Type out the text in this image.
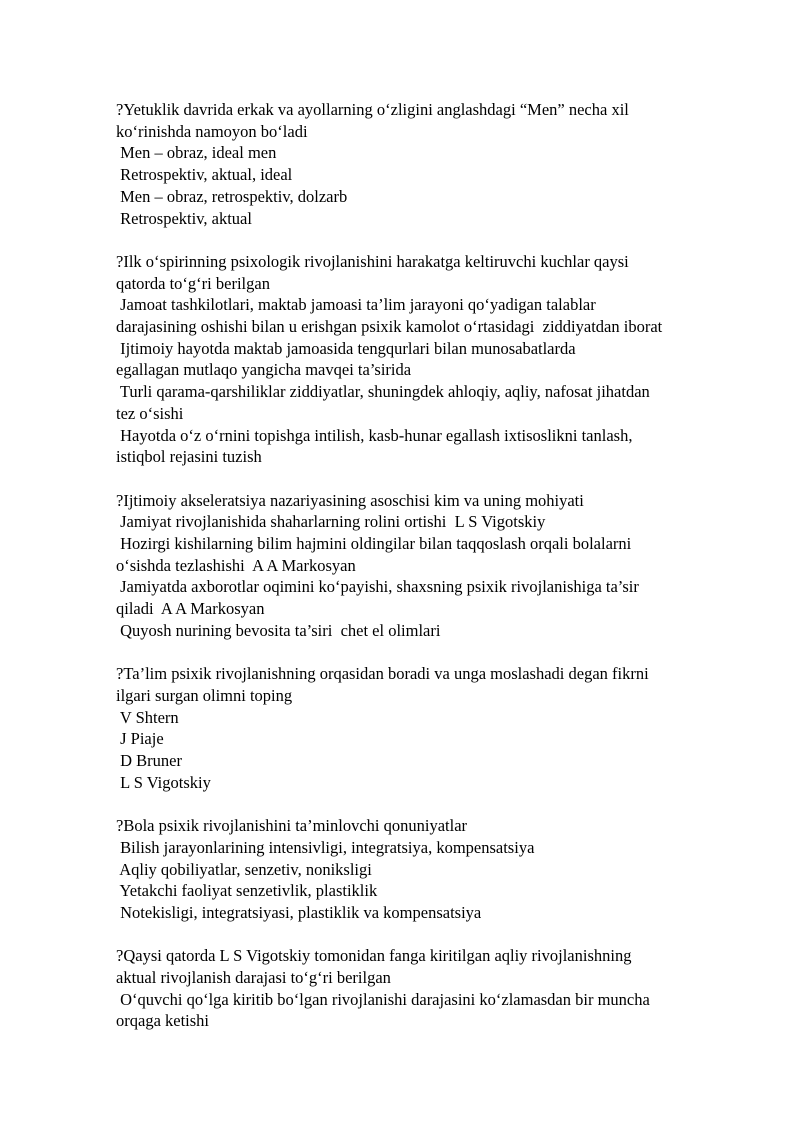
?Yetuklik davrida erkak va ayollarning o‘zligini anglashdagi “Men” necha xil
ko‘rinishda namoyon bo‘ladi
Men – obraz, ideal men
Retrospektiv, aktual, ideal
Men – obraz, retrospektiv, dolzarb
Retrospektiv, aktual
?Ilk o‘spirinning psixologik rivojlanishini harakatga keltiruvchi kuchlar qaysi
qatorda to‘g‘ri berilgan
Jamoat tashkilotlari, maktab jamoasi ta’lim jarayoni qo‘yadigan talablar
darajasining oshishi bilan u erishgan psixik kamolot o‘rtasidagi  ziddiyatdan iborat
Ijtimoiy hayotda maktab jamoasida tengqurlari bilan munosabatlarda
egallagan mutlaqo yangicha mavqei ta’sirida
Turli qarama-qarshiliklar ziddiyatlar, shuningdek ahloqiy, aqliy, nafosat jihatdan
tez o‘sishi
Hayotda o‘z o‘rnini topishga intilish, kasb-hunar egallash ixtisoslikni tanlash,
istiqbol rejasini tuzish
?Ijtimoiy akseleratsiya nazariyasining asoschisi kim va uning mohiyati
Jamiyat rivojlanishida shaharlarning rolini ortishi  L S Vigotskiy
Hozirgi kishilarning bilim hajmini oldingilar bilan taqqoslash orqali bolalarni
o‘sishda tezlashishi  A A Markosyan
Jamiyatda axborotlar oqimini ko‘payishi, shaxsning psixik rivojlanishiga ta’sir
qiladi  A A Markosyan
Quyosh nurining bevosita ta’siri  chet el olimlari
?Ta’lim psixik rivojlanishning orqasidan boradi va unga moslashadi degan fikrni
ilgari surgan olimni toping
V Shtern
J Piaje
D Bruner
L S Vigotskiy
?Bola psixik rivojlanishini ta’minlovchi qonuniyatlar
Bilish jarayonlarining intensivligi, integratsiya, kompensatsiya
Aqliy qobiliyatlar, senzetiv, noniksligi
Yetakchi faoliyat senzetivlik, plastiklik
Notekisligi, integratsiyasi, plastiklik va kompensatsiya
?Qaysi qatorda L S Vigotskiy tomonidan fanga kiritilgan aqliy rivojlanishning
aktual rivojlanish darajasi to‘g‘ri berilgan
O‘quvchi qo‘lga kiritib bo‘lgan rivojlanishi darajasini ko‘zlamasdan bir muncha
orqaga ketishi
